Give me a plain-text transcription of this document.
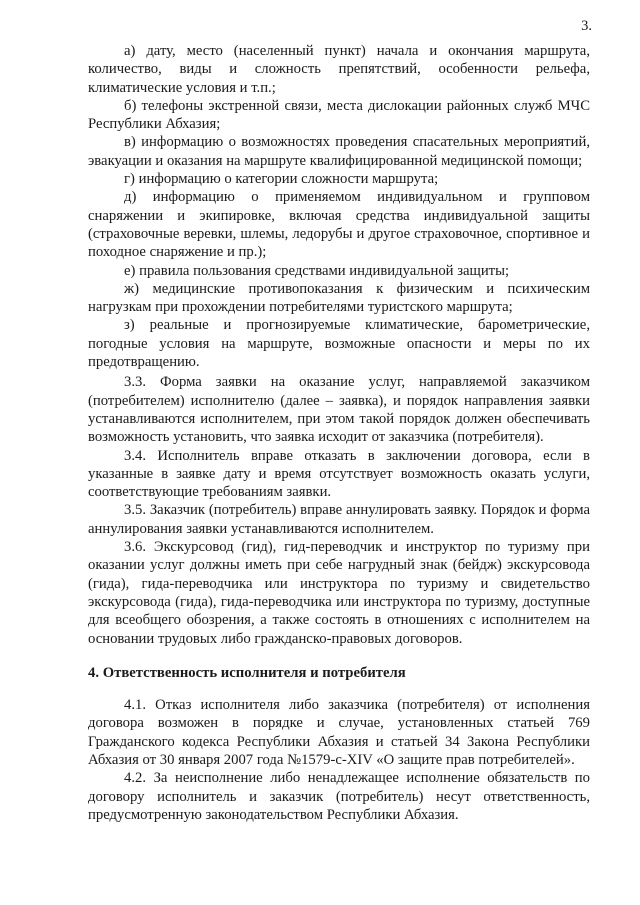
3.

а) дату, место (населенный пункт) начала и окончания маршрута, количество, виды и сложность препятствий, особенности рельефа, климатические условия и т.п.;

б) телефоны экстренной связи, места дислокации районных служб МЧС Республики Абхазия;

в) информацию о возможностях проведения спасательных мероприятий, эвакуации и оказания на маршруте квалифицированной медицинской помощи;

г) информацию о категории сложности маршрута;

д) информацию о применяемом индивидуальном и групповом снаряжении и экипировке, включая средства индивидуальной защиты (страховочные веревки, шлемы, ледорубы и другое страховочное, спортивное и походное снаряжение и пр.);

е) правила пользования средствами индивидуальной защиты;

ж) медицинские противопоказания к физическим и психическим нагрузкам при прохождении потребителями туристского маршрута;

з) реальные и прогнозируемые климатические, барометрические, погодные условия на маршруте, возможные опасности и меры по их предотвращению.

3.3. Форма заявки на оказание услуг, направляемой заказчиком (потребителем) исполнителю (далее – заявка), и порядок направления заявки устанавливаются исполнителем, при этом такой порядок должен обеспечивать возможность установить, что заявка исходит от заказчика (потребителя).

3.4. Исполнитель вправе отказать в заключении договора, если в указанные в заявке дату и время отсутствует возможность оказать услуги, соответствующие требованиям заявки.

3.5. Заказчик (потребитель) вправе аннулировать заявку. Порядок и форма аннулирования заявки устанавливаются исполнителем.

3.6. Экскурсовод (гид), гид-переводчик и инструктор по туризму при оказании услуг должны иметь при себе нагрудный знак (бейдж) экскурсовода (гида), гида-переводчика или инструктора по туризму и свидетельство экскурсовода (гида), гида-переводчика или инструктора по туризму, доступные для всеобщего обозрения, а также состоять в отношениях с исполнителем на основании трудовых либо гражданско-правовых договоров.

4. Ответственность исполнителя и потребителя

4.1. Отказ исполнителя либо заказчика (потребителя) от исполнения договора возможен в порядке и случае, установленных статьей 769 Гражданского кодекса Республики Абхазия и статьей 34 Закона Республики Абхазия от 30 января 2007 года №1579-с-XIV «О защите прав потребителей».

4.2. За неисполнение либо ненадлежащее исполнение обязательств по договору исполнитель и заказчик (потребитель) несут ответственность, предусмотренную законодательством Республики Абхазия.
